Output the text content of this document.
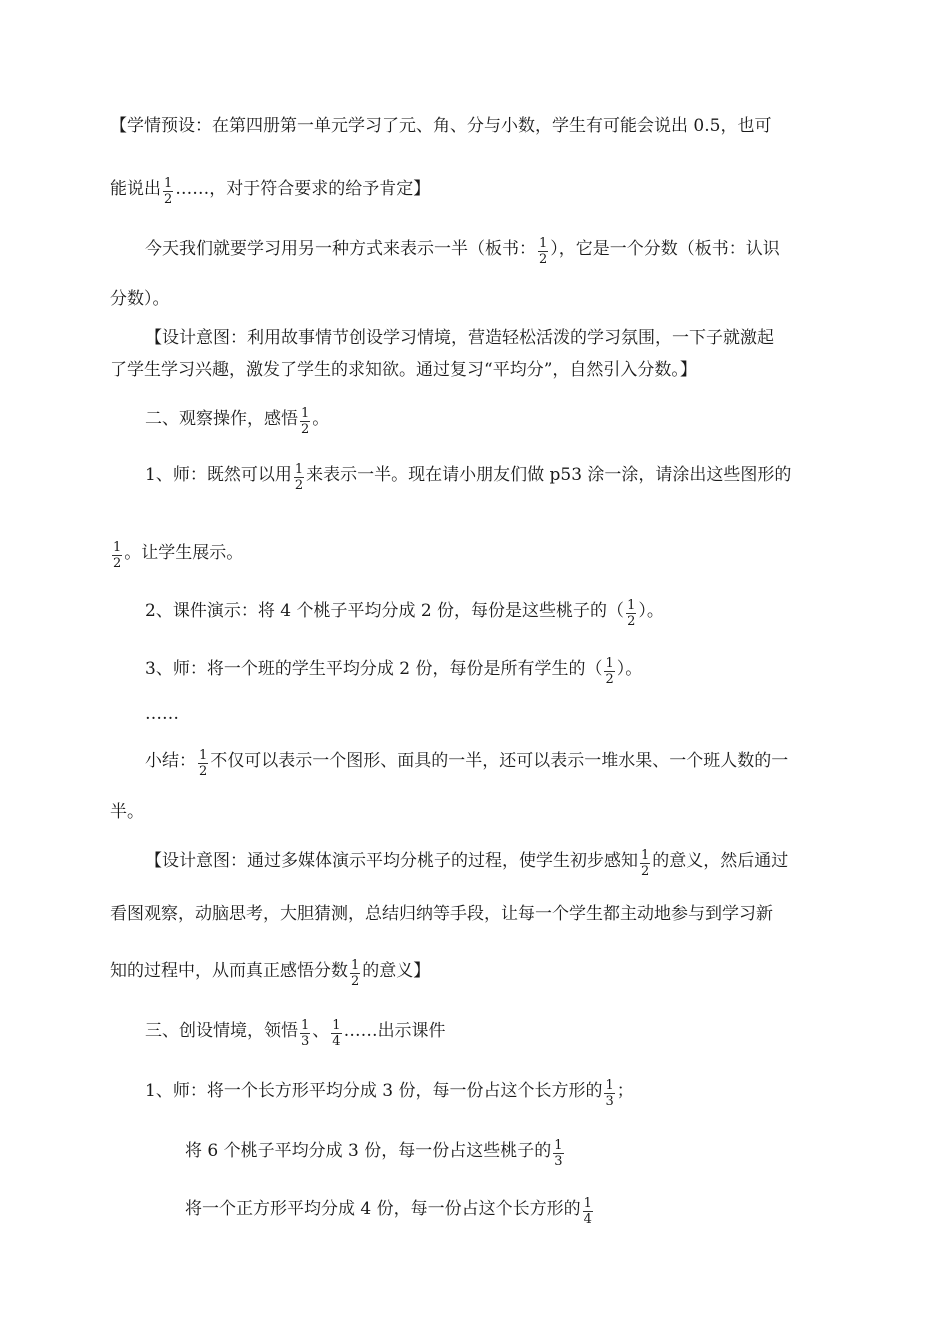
【学情预设：在第四册第一单元学习了元、角、分与小数，学生有可能会说出 0.5，也可
能说出 $\frac{1}{2}$ ……，对于符合要求的给予肯定】
今天我们就要学习用另一种方式来表示一半（板书： $\frac{1}{2}$ ），它是一个分数（板书：认识
分数）。
【设计意图：利用故事情节创设学习情境，营造轻松活泼的学习氛围，一下子就激起
了学生学习兴趣，激发了学生的求知欲。通过复习“平均分”，自然引入分数。】
二、观察操作，感悟 $\frac{1}{2}$ 。
1、师：既然可以用 $\frac{1}{2}$ 来表示一半。现在请小朋友们做 p53 涂一涂，请涂出这些图形的
$\frac{1}{2}$ 。让学生展示。
2、课件演示：将 4 个桃子平均分成 2 份，每份是这些桃子的（ $\frac{1}{2}$ ）。
3、师：将一个班的学生平均分成 2 份，每份是所有学生的（ $\frac{1}{2}$ ）。
……
小结： $\frac{1}{2}$ 不仅可以表示一个图形、面具的一半，还可以表示一堆水果、一个班人数的一
半。
【设计意图：通过多媒体演示平均分桃子的过程，使学生初步感知 $\frac{1}{2}$ 的意义，然后通过
看图观察，动脑思考，大胆猜测，总结归纳等手段，让每一个学生都主动地参与到学习新
知的过程中，从而真正感悟分数 $\frac{1}{2}$ 的意义】
三、创设情境，领悟 $\frac{1}{3}$ 、 $\frac{1}{4}$ ……出示课件
1、师：将一个长方形平均分成 3 份，每一份占这个长方形的 $\frac{1}{3}$ ；
将 6 个桃子平均分成 3 份，每一份占这些桃子的 $\frac{1}{3}$
将一个正方形平均分成 4 份，每一份占这个长方形的 $\frac{1}{4}$
